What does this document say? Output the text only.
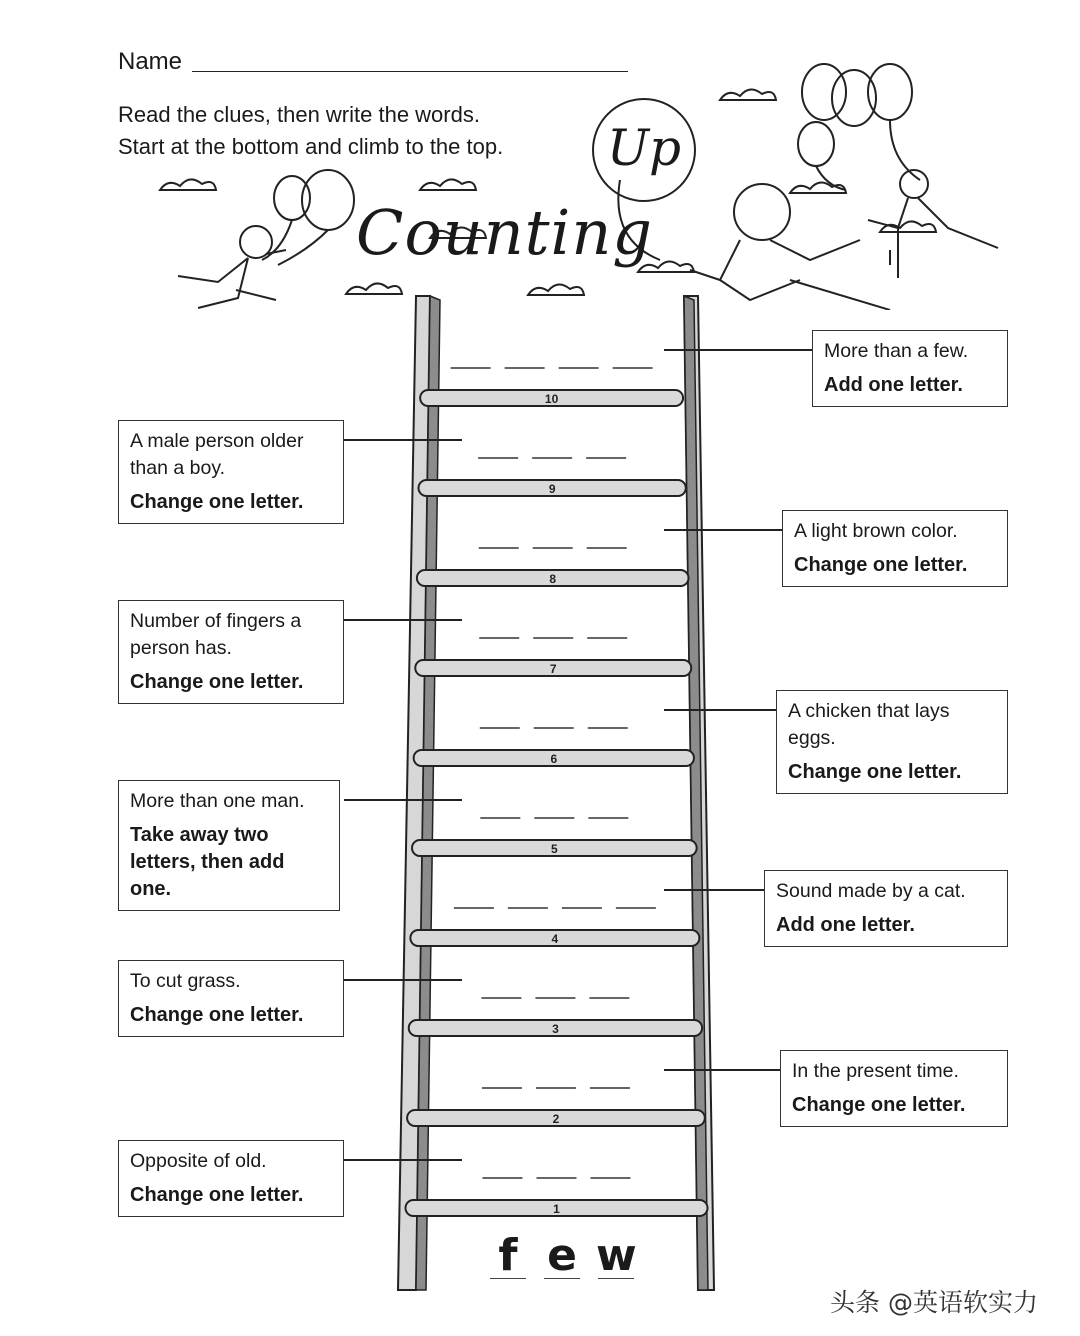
Name
Read the clues, then write the words.
Start at the bottom and climb to the top. Up
Counting
1
2
3
4
5
6
7
8
9
10
Opposite of old.
Change one letter.
In the present time.
Change one letter.
To cut grass.
Change one letter.
Sound made by a cat.
Add one letter.
More than one man.
Take away two letters, then add one.
A chicken that lays eggs.
Change one letter.
Number of fingers a person has.
Change one letter.
A light brown color.
Change one letter.
A male person older than a boy.
Change one letter.
More than a few.
Add one letter.
f e w
头条 @英语软实力
